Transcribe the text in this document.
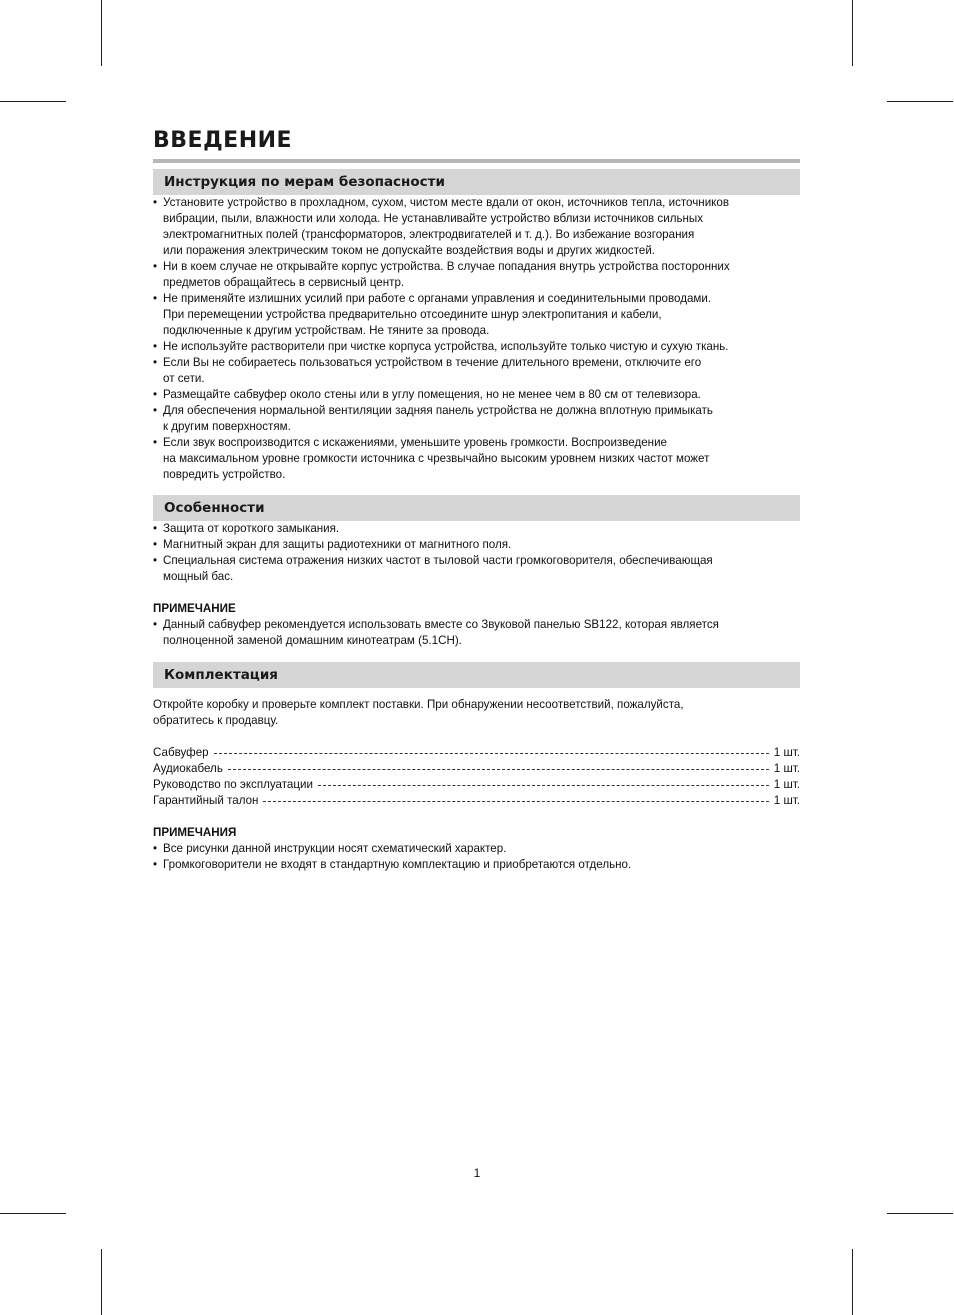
ВВЕДЕНИЕ
Инструкция по мерам безопасности
• Установите устройство в прохладном, сухом, чистом месте вдали от окон, источников тепла, источников
вибрации, пыли, влажности или холода. Не устанавливайте устройство вблизи источников сильных
электромагнитных полей (трансформаторов, электродвигателей и т. д.). Во избежание возгорания
или поражения электрическим током не допускайте воздействия воды и других жидкостей.
• Ни в коем случае не открывайте корпус устройства. В случае попадания внутрь устройства посторонних
предметов обращайтесь в сервисный центр.
• Не применяйте излишних усилий при работе с органами управления и соединительными проводами.
При перемещении устройства предварительно отсоедините шнур электропитания и кабели,
подключенные к другим устройствам. Не тяните за провода.
• Не используйте растворители при чистке корпуса устройства, используйте только чистую и сухую ткань.
• Если Вы не собираетесь пользоваться устройством в течение длительного времени, отключите его
от сети.
• Размещайте сабвуфер около стены или в углу помещения, но не менее чем в 80 см от телевизора.
• Для обеспечения нормальной вентиляции задняя панель устройства не должна вплотную примыкать
к другим поверхностям.
• Если звук воспроизводится с искажениями, уменьшите уровень громкости. Воспроизведение
на максимальном уровне громкости источника с чрезвычайно высоким уровнем низких частот может
повредить устройство.
Особенности
• Защита от короткого замыкания.
• Магнитный экран для защиты радиотехники от магнитного поля.
• Специальная система отражения низких частот в тыловой части громкоговорителя, обеспечивающая
мощный бас.
ПРИМЕЧАНИЕ
• Данный сабвуфер рекомендуется использовать вместе со Звуковой панелью SB122, которая является
полноценной заменой домашним кинотеатрам (5.1CH).
Комплектация
Откройте коробку и проверьте комплект поставки. При обнаружении несоответствий, пожалуйста,
обратитесь к продавцу.
Сабвуфер	1 шт.
Аудиокабель	1 шт.
Руководство по эксплуатации	1 шт.
Гарантийный талон	1 шт.
ПРИМЕЧАНИЯ
• Все рисунки данной инструкции носят схематический характер.
• Громкоговорители не входят в стандартную комплектацию и приобретаются отдельно.
1
